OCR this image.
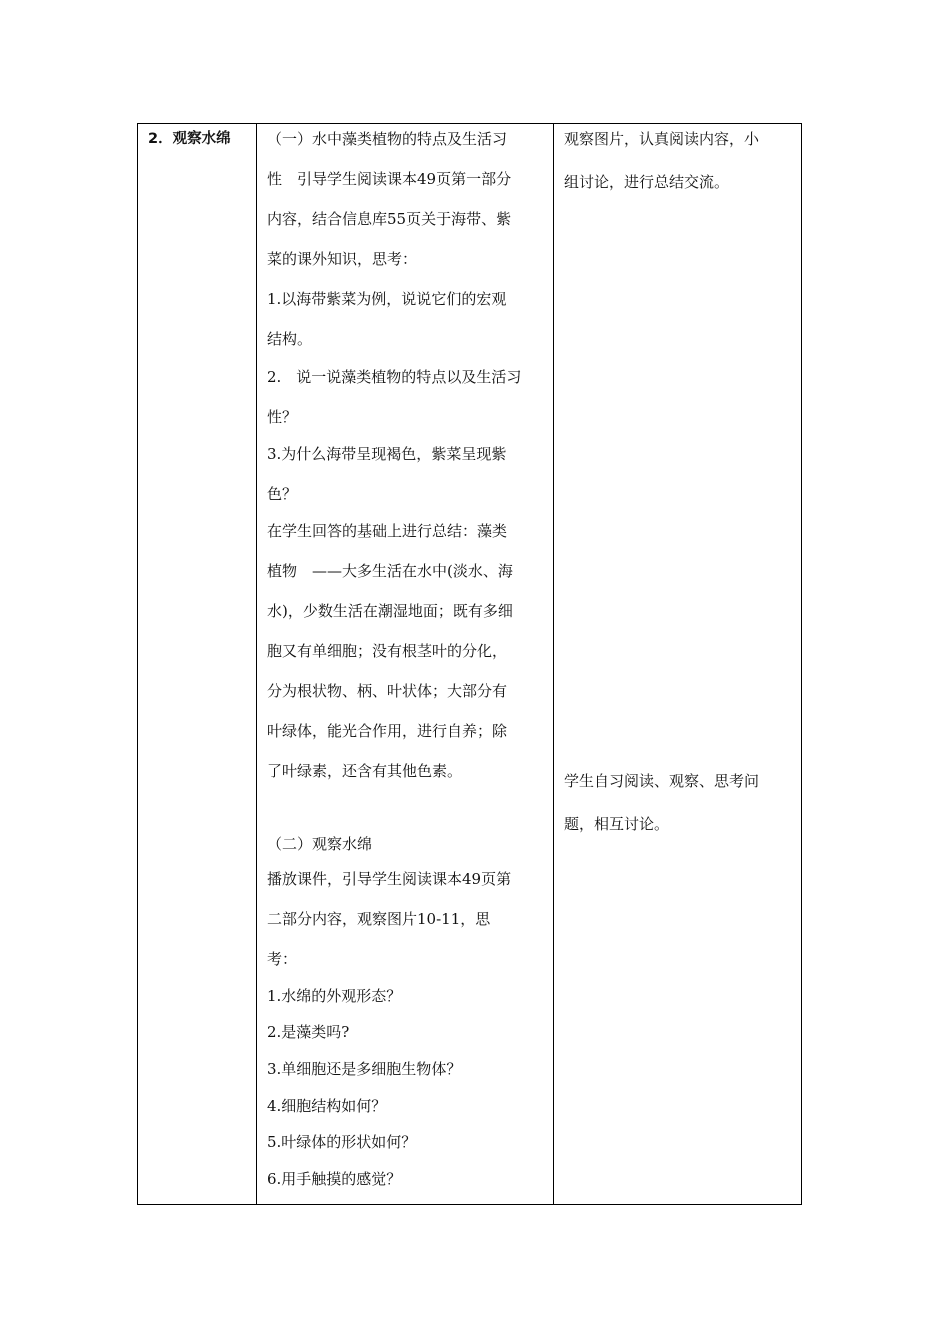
2．观察水绵 （一）水中藻类植物的特点及生活习
性　引导学生阅读课本49页第一部分
内容，结合信息库55页关于海带、紫
菜的课外知识，思考：
1.以海带紫菜为例，说说它们的宏观
结构。
2.　说一说藻类植物的特点以及生活习
性？
3.为什么海带呈现褐色，紫菜呈现紫
色？
在学生回答的基础上进行总结：藻类
植物　——大多生活在水中(淡水、海
水)，少数生活在潮湿地面；既有多细
胞又有单细胞；没有根茎叶的分化，
分为根状物、柄、叶状体；大部分有
叶绿体，能光合作用，进行自养；除
了叶绿素，还含有其他色素。
（二）观察水绵
播放课件，引导学生阅读课本49页第
二部分内容，观察图片10-11，思
考：
1.水绵的外观形态？
2.是藻类吗?
3.单细胞还是多细胞生物体？
4.细胞结构如何？
5.叶绿体的形状如何？
6.用手触摸的感觉？
观察图片，认真阅读内容，小
组讨论，进行总结交流。
学生自习阅读、观察、思考问
题，相互讨论。
